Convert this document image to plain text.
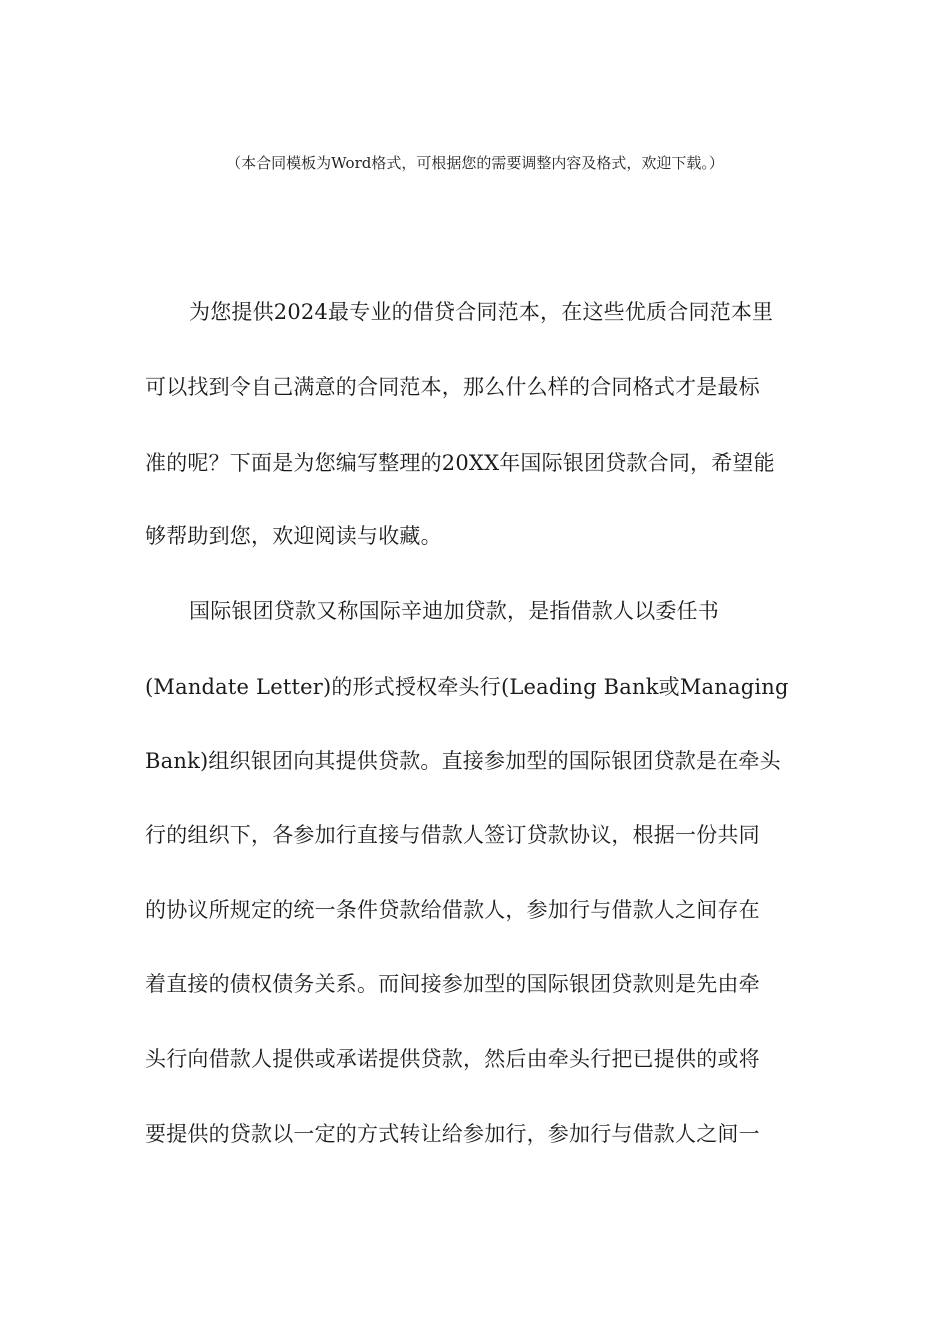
（本合同模板为Word格式，可根据您的需要调整内容及格式，欢迎下载。）

为您提供2024最专业的借贷合同范本，在这些优质合同范本里

可以找到令自己满意的合同范本，那么什么样的合同格式才是最标

准的呢？下面是为您编写整理的20XX年国际银团贷款合同，希望能

够帮助到您，欢迎阅读与收藏。

国际银团贷款又称国际辛迪加贷款，是指借款人以委任书

(Mandate Letter)的形式授权牵头行(Leading Bank或Managing

Bank)组织银团向其提供贷款。直接参加型的国际银团贷款是在牵头

行的组织下，各参加行直接与借款人签订贷款协议，根据一份共同

的协议所规定的统一条件贷款给借款人，参加行与借款人之间存在

着直接的债权债务关系。而间接参加型的国际银团贷款则是先由牵

头行向借款人提供或承诺提供贷款，然后由牵头行把已提供的或将

要提供的贷款以一定的方式转让给参加行，参加行与借款人之间一
